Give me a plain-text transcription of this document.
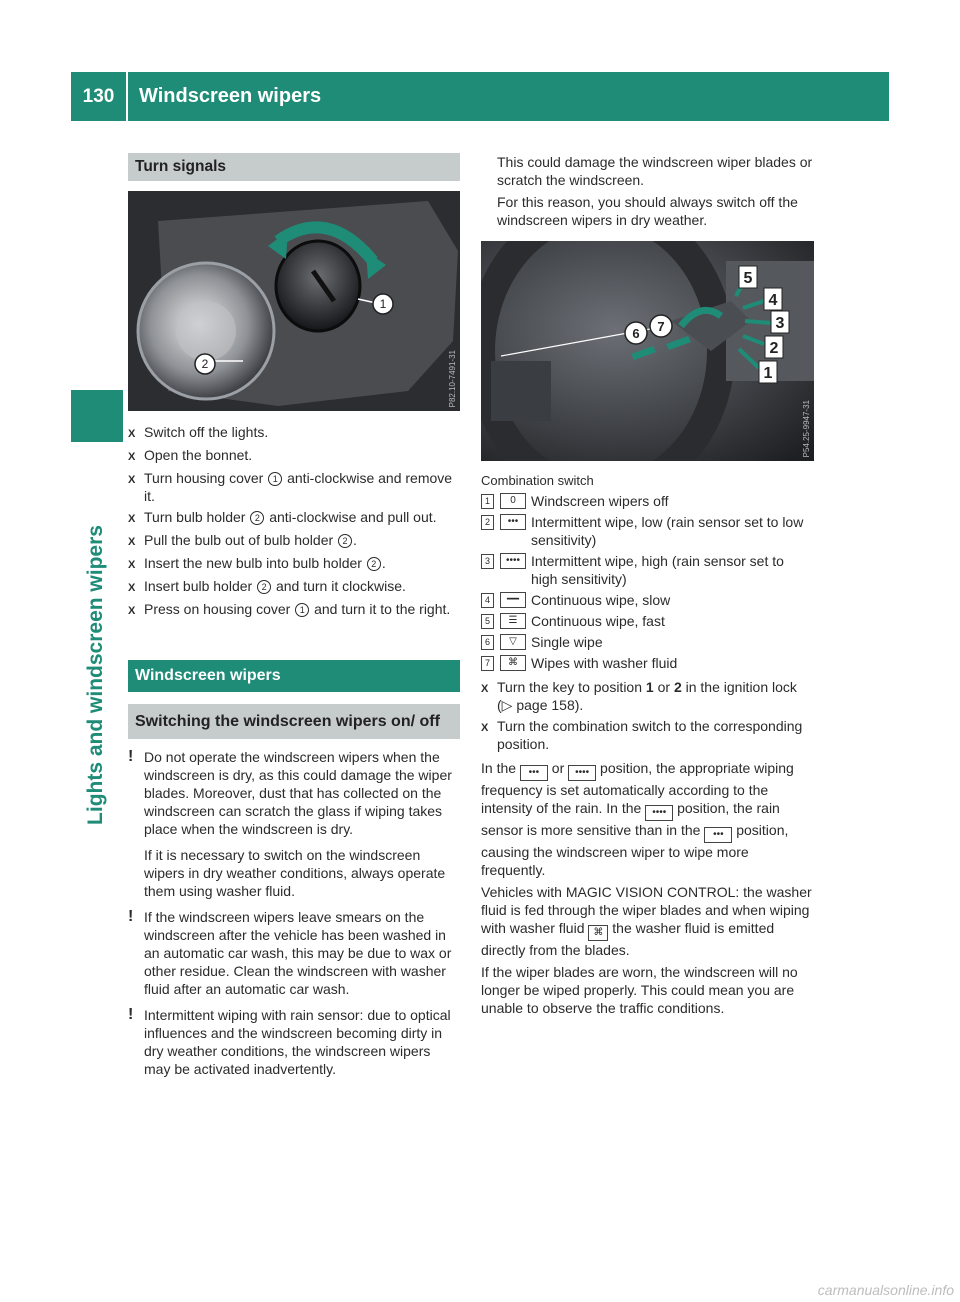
130	Windscreen wipers
Lights and windscreen wipers
Turn signals
1
2	P82.10-7491-31
X Switch off the lights.
X Open the bonnet.
X Turn housing cover 1 anti-clockwise and remove it.
X Turn bulb holder 2 anti-clockwise and pull out.
X Pull the bulb out of bulb holder 2 .
X Insert the new bulb into bulb holder 2 .
X Insert bulb holder 2 and turn it clockwise.
X Press on housing cover 1 and turn it to the right.
Windscreen wipers
Switching the windscreen wipers on/ off
! Do not operate the windscreen wipers when the windscreen is dry, as this could damage the wiper blades. Moreover, dust that has collected on the windscreen can scratch the glass if wiping takes place when the windscreen is dry.

If it is necessary to switch on the windscreen wipers in dry weather conditions, always operate them using washer fluid.

! If the windscreen wipers leave smears on the windscreen after the vehicle has been washed in an automatic car wash, this may be due to wax or other residue. Clean the windscreen with washer fluid after an automatic car wash.

! Intermittent wiping with rain sensor: due to optical influences and the windscreen becoming dirty in dry weather conditions, the windscreen wipers may be activated inadvertently.

This could damage the windscreen wiper blades or scratch the windscreen.

For this reason, you should always switch off the windscreen wipers in dry weather.

5
4
3
2
1
6 7
P54.25-9947-31
Combination switch
1	0	Windscreen wipers off
2	••• Intermittent wipe, low (rain sensor set to low sensitivity)
3	•••• Intermittent wipe, high (rain sensor set to high sensitivity)
4	━━ Continuous wipe, slow
5	☰ Continuous wipe, fast
6	▽	Single wipe
7	⌘ Wipes with washer fluid
X Turn the key to position 1 or 2 in the ignition lock (▷ page 158).
X Turn the combination switch to the corresponding position.

In the ••• or •••• position, the appropriate wiping frequency is set automatically according to the intensity of the rain. In the •••• position, the rain sensor is more sensitive than in the ••• position, causing the windscreen wiper to wipe more frequently.

Vehicles with MAGIC VISION CONTROL: the washer fluid is fed through the wiper blades and when wiping with washer fluid ⌘ the washer fluid is emitted directly from the blades.

If the wiper blades are worn, the windscreen will no longer be wiped properly. This could mean you are unable to observe the traffic conditions.

carmanualsonline.info
